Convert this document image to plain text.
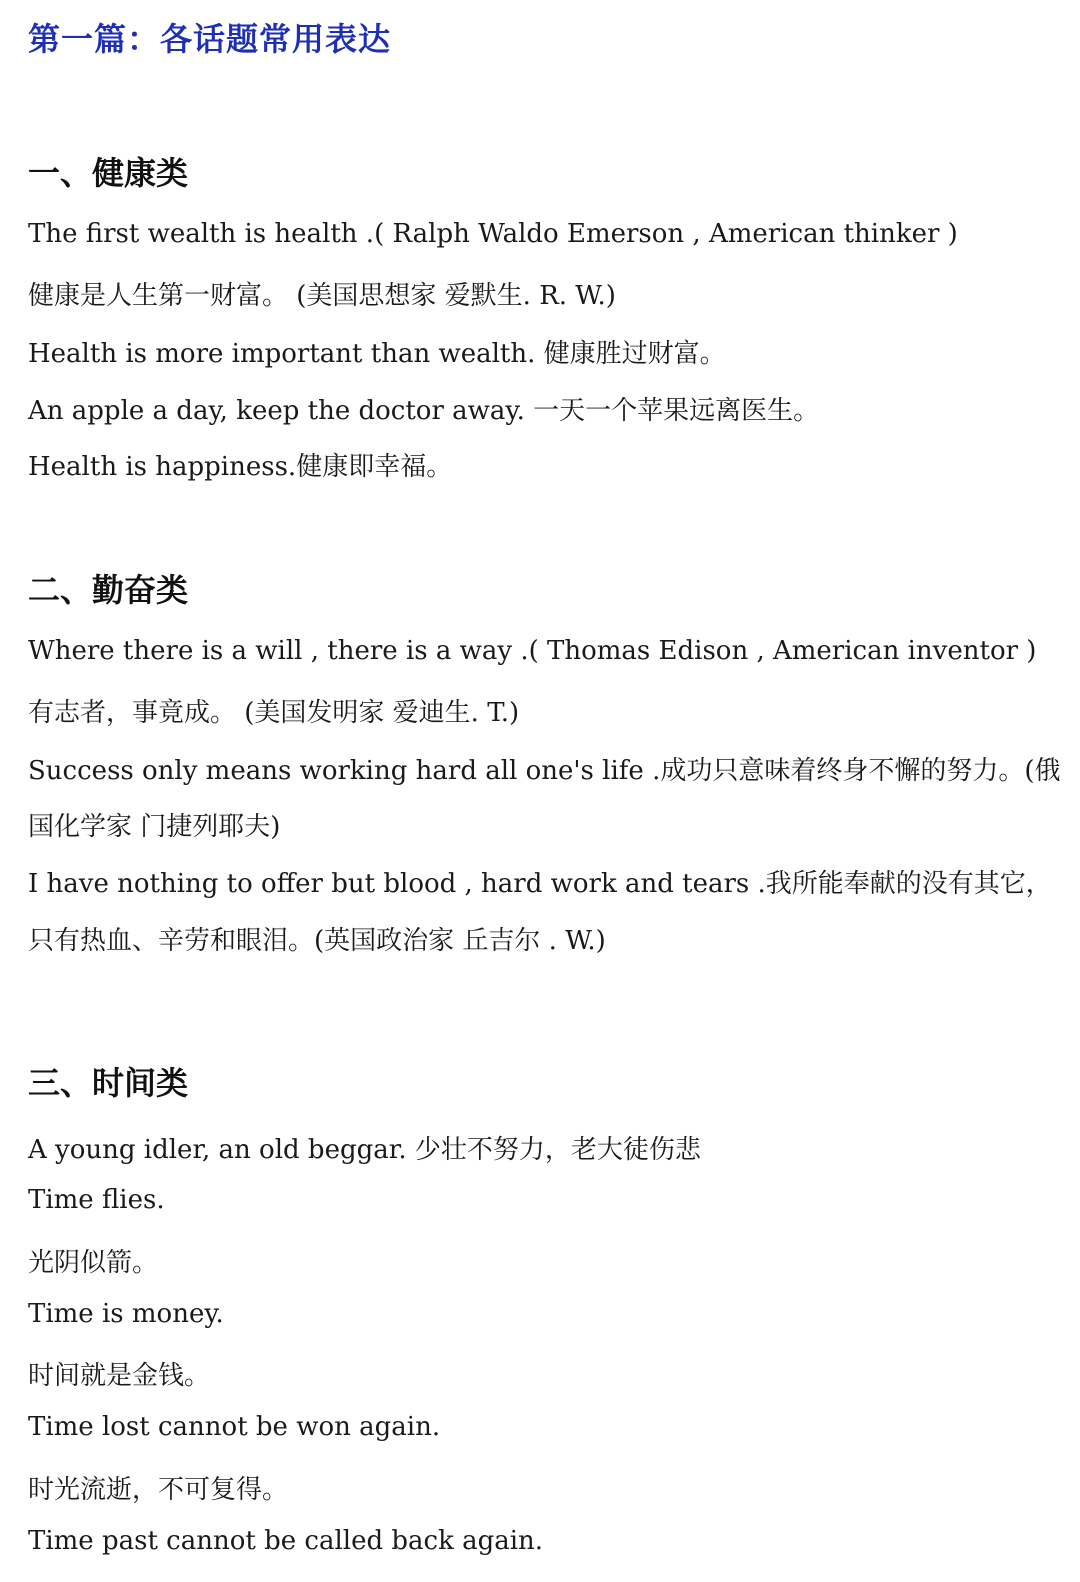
第一篇：各话题常用表达
一、健康类
The first wealth is health .( Ralph Waldo Emerson , American thinker )
健康是人生第一财富。 (美国思想家 爱默生. R. W.)
Health is more important than wealth. 健康胜过财富。
An apple a day, keep the doctor away. 一天一个苹果远离医生。
Health is happiness.健康即幸福。
二、勤奋类
Where there is a will , there is a way .( Thomas Edison , American inventor )
有志者，事竟成。 (美国发明家 爱迪生. T.)
Success only means working hard all one's life .成功只意味着终身不懈的努力。(俄
国化学家 门捷列耶夫)
I have nothing to offer but blood , hard work and tears .我所能奉献的没有其它，
只有热血、辛劳和眼泪。(英国政治家 丘吉尔 . W.)
三、时间类
A young idler, an old beggar. 少壮不努力，老大徒伤悲
Time flies.
光阴似箭。
Time is money.
时间就是金钱。
Time lost cannot be won again.
时光流逝，不可复得。
Time past cannot be called back again.
